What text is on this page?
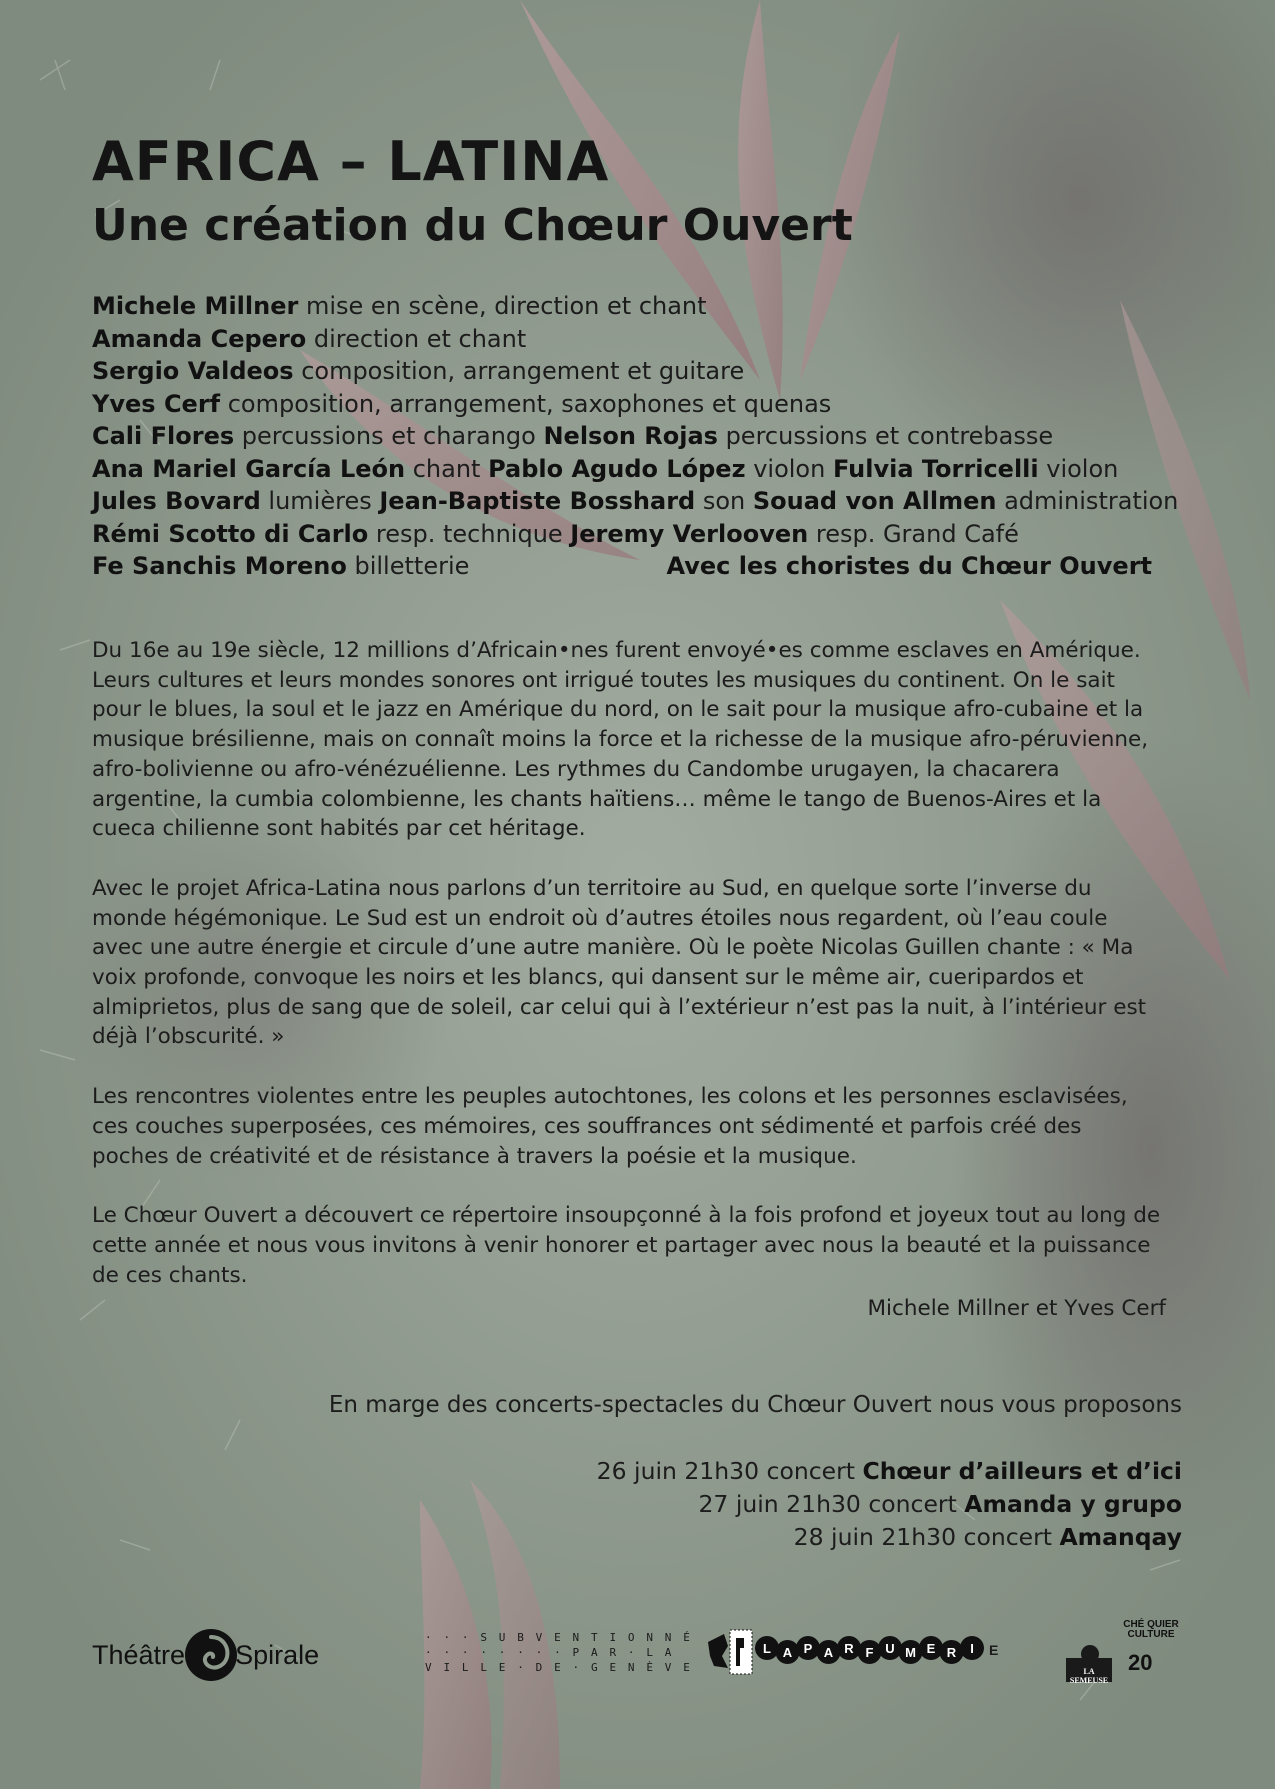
AFRICA – LATINA
Une création du Chœur Ouvert
Michele Millner mise en scène, direction et chant
Amanda Cepero direction et chant
Sergio Valdeos composition, arrangement et guitare
Yves Cerf composition, arrangement, saxophones et quenas
Cali Flores percussions et charango Nelson Rojas percussions et contrebasse
Ana Mariel García León chant Pablo Agudo López violon Fulvia Torricelli violon
Jules Bovard lumières Jean-Baptiste Bosshard son Souad von Allmen administration
Rémi Scotto di Carlo resp. technique Jeremy Verlooven resp. Grand Café
Fe Sanchis Moreno billetterie	Avec les choristes du Chœur Ouvert

Du 16e au 19e siècle, 12 millions d’Africain•nes furent envoyé•es comme esclaves en Amérique. Leurs cultures et leurs mondes sonores ont irrigué toutes les musiques du continent. On le sait pour le blues, la soul et le jazz en Amérique du nord, on le sait pour la musique afro-cubaine et la musique brésilienne, mais on connaît moins la force et la richesse de la musique afro-péruvienne, afro-bolivienne ou afro-vénézuélienne. Les rythmes du Candombe urugayen, la chacarera argentine, la cumbia colombienne, les chants haïtiens… même le tango de Buenos-Aires et la cueca chilienne sont habités par cet héritage.

Avec le projet Africa-Latina nous parlons d’un territoire au Sud, en quelque sorte l’inverse du monde hégémonique. Le Sud est un endroit où d’autres étoiles nous regardent, où l’eau coule avec une autre énergie et circule d’une autre manière. Où le poète Nicolas Guillen chante : « Ma voix profonde, convoque les noirs et les blancs, qui dansent sur le même air, cueripardos et almiprietos, plus de sang que de soleil, car celui qui à l’extérieur n’est pas la nuit, à l’intérieur est déjà l’obscurité. »

Les rencontres violentes entre les peuples autochtones, les colons et les personnes esclavisées, ces couches superposées, ces mémoires, ces souffrances ont sédimenté et parfois créé des poches de créativité et de résistance à travers la poésie et la musique.

Le Chœur Ouvert a découvert ce répertoire insoupçonné à la fois profond et joyeux tout au long de cette année et nous vous invitons à venir honorer et partager avec nous la beauté et la puissance de ces chants.

Michele Millner et Yves Cerf
En marge des concerts-spectacles du Chœur Ouvert nous vous proposons
26 juin 21h30 concert Chœur d’ailleurs et d’ici
27 juin 21h30 concert Amanda y grupo
28 juin 21h30 concert Amanqay
Théâtre Spirale
· · · S U B V E N T I O N N É
· · · · · · · · P A R · L A
V I L L E · D E · G E N È V E
L A P A R F U M E R I E
LA SEMEUSE
CHÉ QUIER
CULTURE
20
